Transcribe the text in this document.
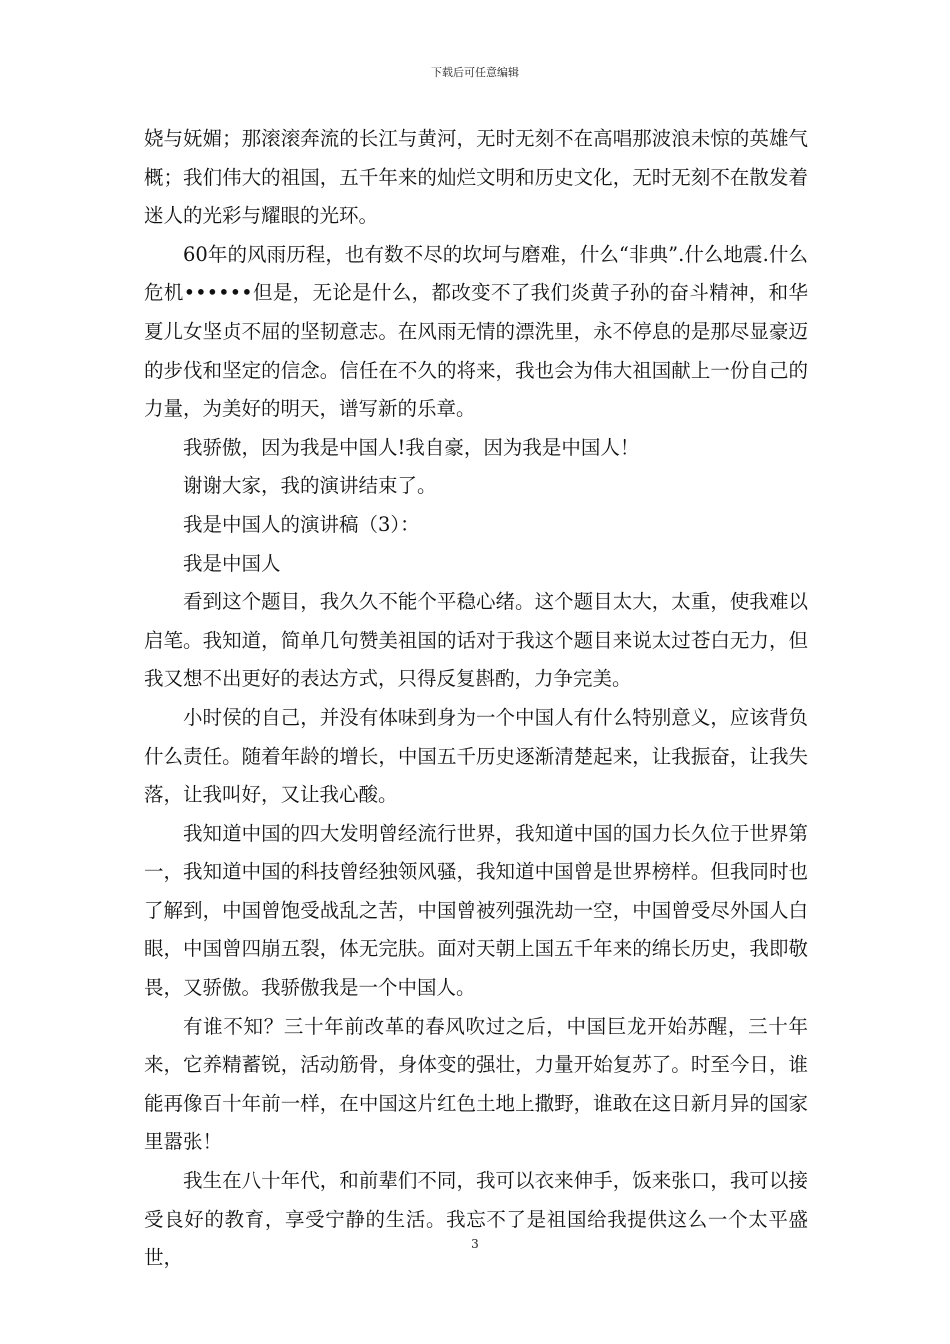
下载后可任意编辑

娆与妩媚；那滚滚奔流的长江与黄河，无时无刻不在高唱那波浪未惊的英雄气概；我们伟大的祖国，五千年来的灿烂文明和历史文化，无时无刻不在散发着迷人的光彩与耀眼的光环。

60年的风雨历程，也有数不尽的坎坷与磨难，什么“非典”.什么地震.什么危机••••••但是，无论是什么，都改变不了我们炎黄子孙的奋斗精神，和华夏儿女坚贞不屈的坚韧意志。在风雨无情的漂洗里，永不停息的是那尽显豪迈的步伐和坚定的信念。信任在不久的将来，我也会为伟大祖国献上一份自己的力量，为美好的明天，谱写新的乐章。

我骄傲，因为我是中国人!我自豪，因为我是中国人！

谢谢大家，我的演讲结束了。

我是中国人的演讲稿（3）：

我是中国人

看到这个题目，我久久不能个平稳心绪。这个题目太大，太重，使我难以启笔。我知道，简单几句赞美祖国的话对于我这个题目来说太过苍白无力，但我又想不出更好的表达方式，只得反复斟酌，力争完美。

小时侯的自己，并没有体味到身为一个中国人有什么特别意义，应该背负什么责任。随着年龄的增长，中国五千历史逐渐清楚起来，让我振奋，让我失落，让我叫好，又让我心酸。

我知道中国的四大发明曾经流行世界，我知道中国的国力长久位于世界第一，我知道中国的科技曾经独领风骚，我知道中国曾是世界榜样。但我同时也了解到，中国曾饱受战乱之苦，中国曾被列强洗劫一空，中国曾受尽外国人白眼，中国曾四崩五裂，体无完肤。面对天朝上国五千年来的绵长历史，我即敬畏，又骄傲。我骄傲我是一个中国人。

有谁不知？三十年前改革的春风吹过之后，中国巨龙开始苏醒，三十年来，它养精蓄锐，活动筋骨，身体变的强壮，力量开始复苏了。时至今日，谁能再像百十年前一样，在中国这片红色土地上撒野，谁敢在这日新月异的国家里嚣张！

我生在八十年代，和前辈们不同，我可以衣来伸手，饭来张口，我可以接受良好的教育，享受宁静的生活。我忘不了是祖国给我提供这么一个太平盛世，

3
